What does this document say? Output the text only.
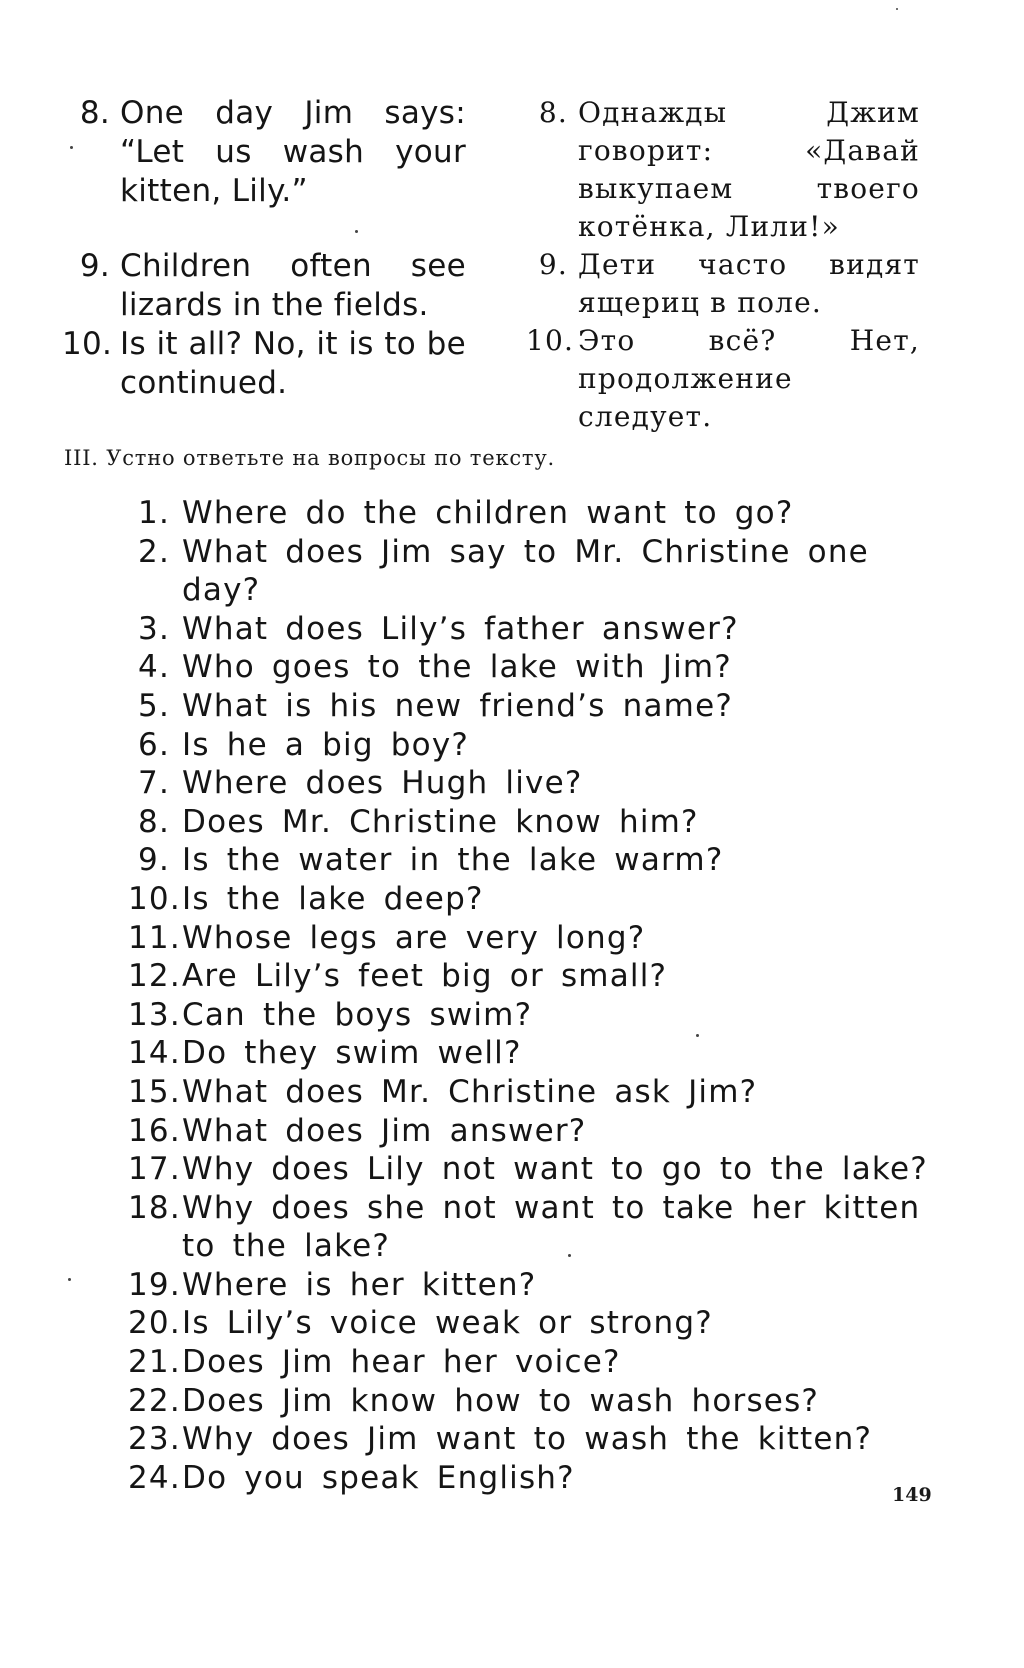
8. One day Jim says: “Let us wash your kitten, Lily.”
9. Children often see lizards in the fields.
10. Is it all? No, it is to be continued.
8. Однажды Джим говорит: «Давай выкупаем твоего котёнка, Лили!»
9. Дети часто видят ящериц в поле.
10. Это всё? Нет, продолжение следует.
III. Устно ответьте на вопросы по тексту.
1. Where do the children want to go?
2. What does Jim say to Mr. Christine one day?
3. What does Lily’s father answer?
4. Who goes to the lake with Jim?
5. What is his new friend’s name?
6. Is he a big boy?
7. Where does Hugh live?
8. Does Mr. Christine know him?
9. Is the water in the lake warm?
10. Is the lake deep?
11. Whose legs are very long?
12. Are Lily’s feet big or small?
13. Can the boys swim?
14. Do they swim well?
15. What does Mr. Christine ask Jim?
16. What does Jim answer?
17. Why does Lily not want to go to the lake?
18. Why does she not want to take her kitten to the lake?
19. Where is her kitten?
20. Is Lily’s voice weak or strong?
21. Does Jim hear her voice?
22. Does Jim know how to wash horses?
23. Why does Jim want to wash the kitten?
24. Do you speak English?	149
